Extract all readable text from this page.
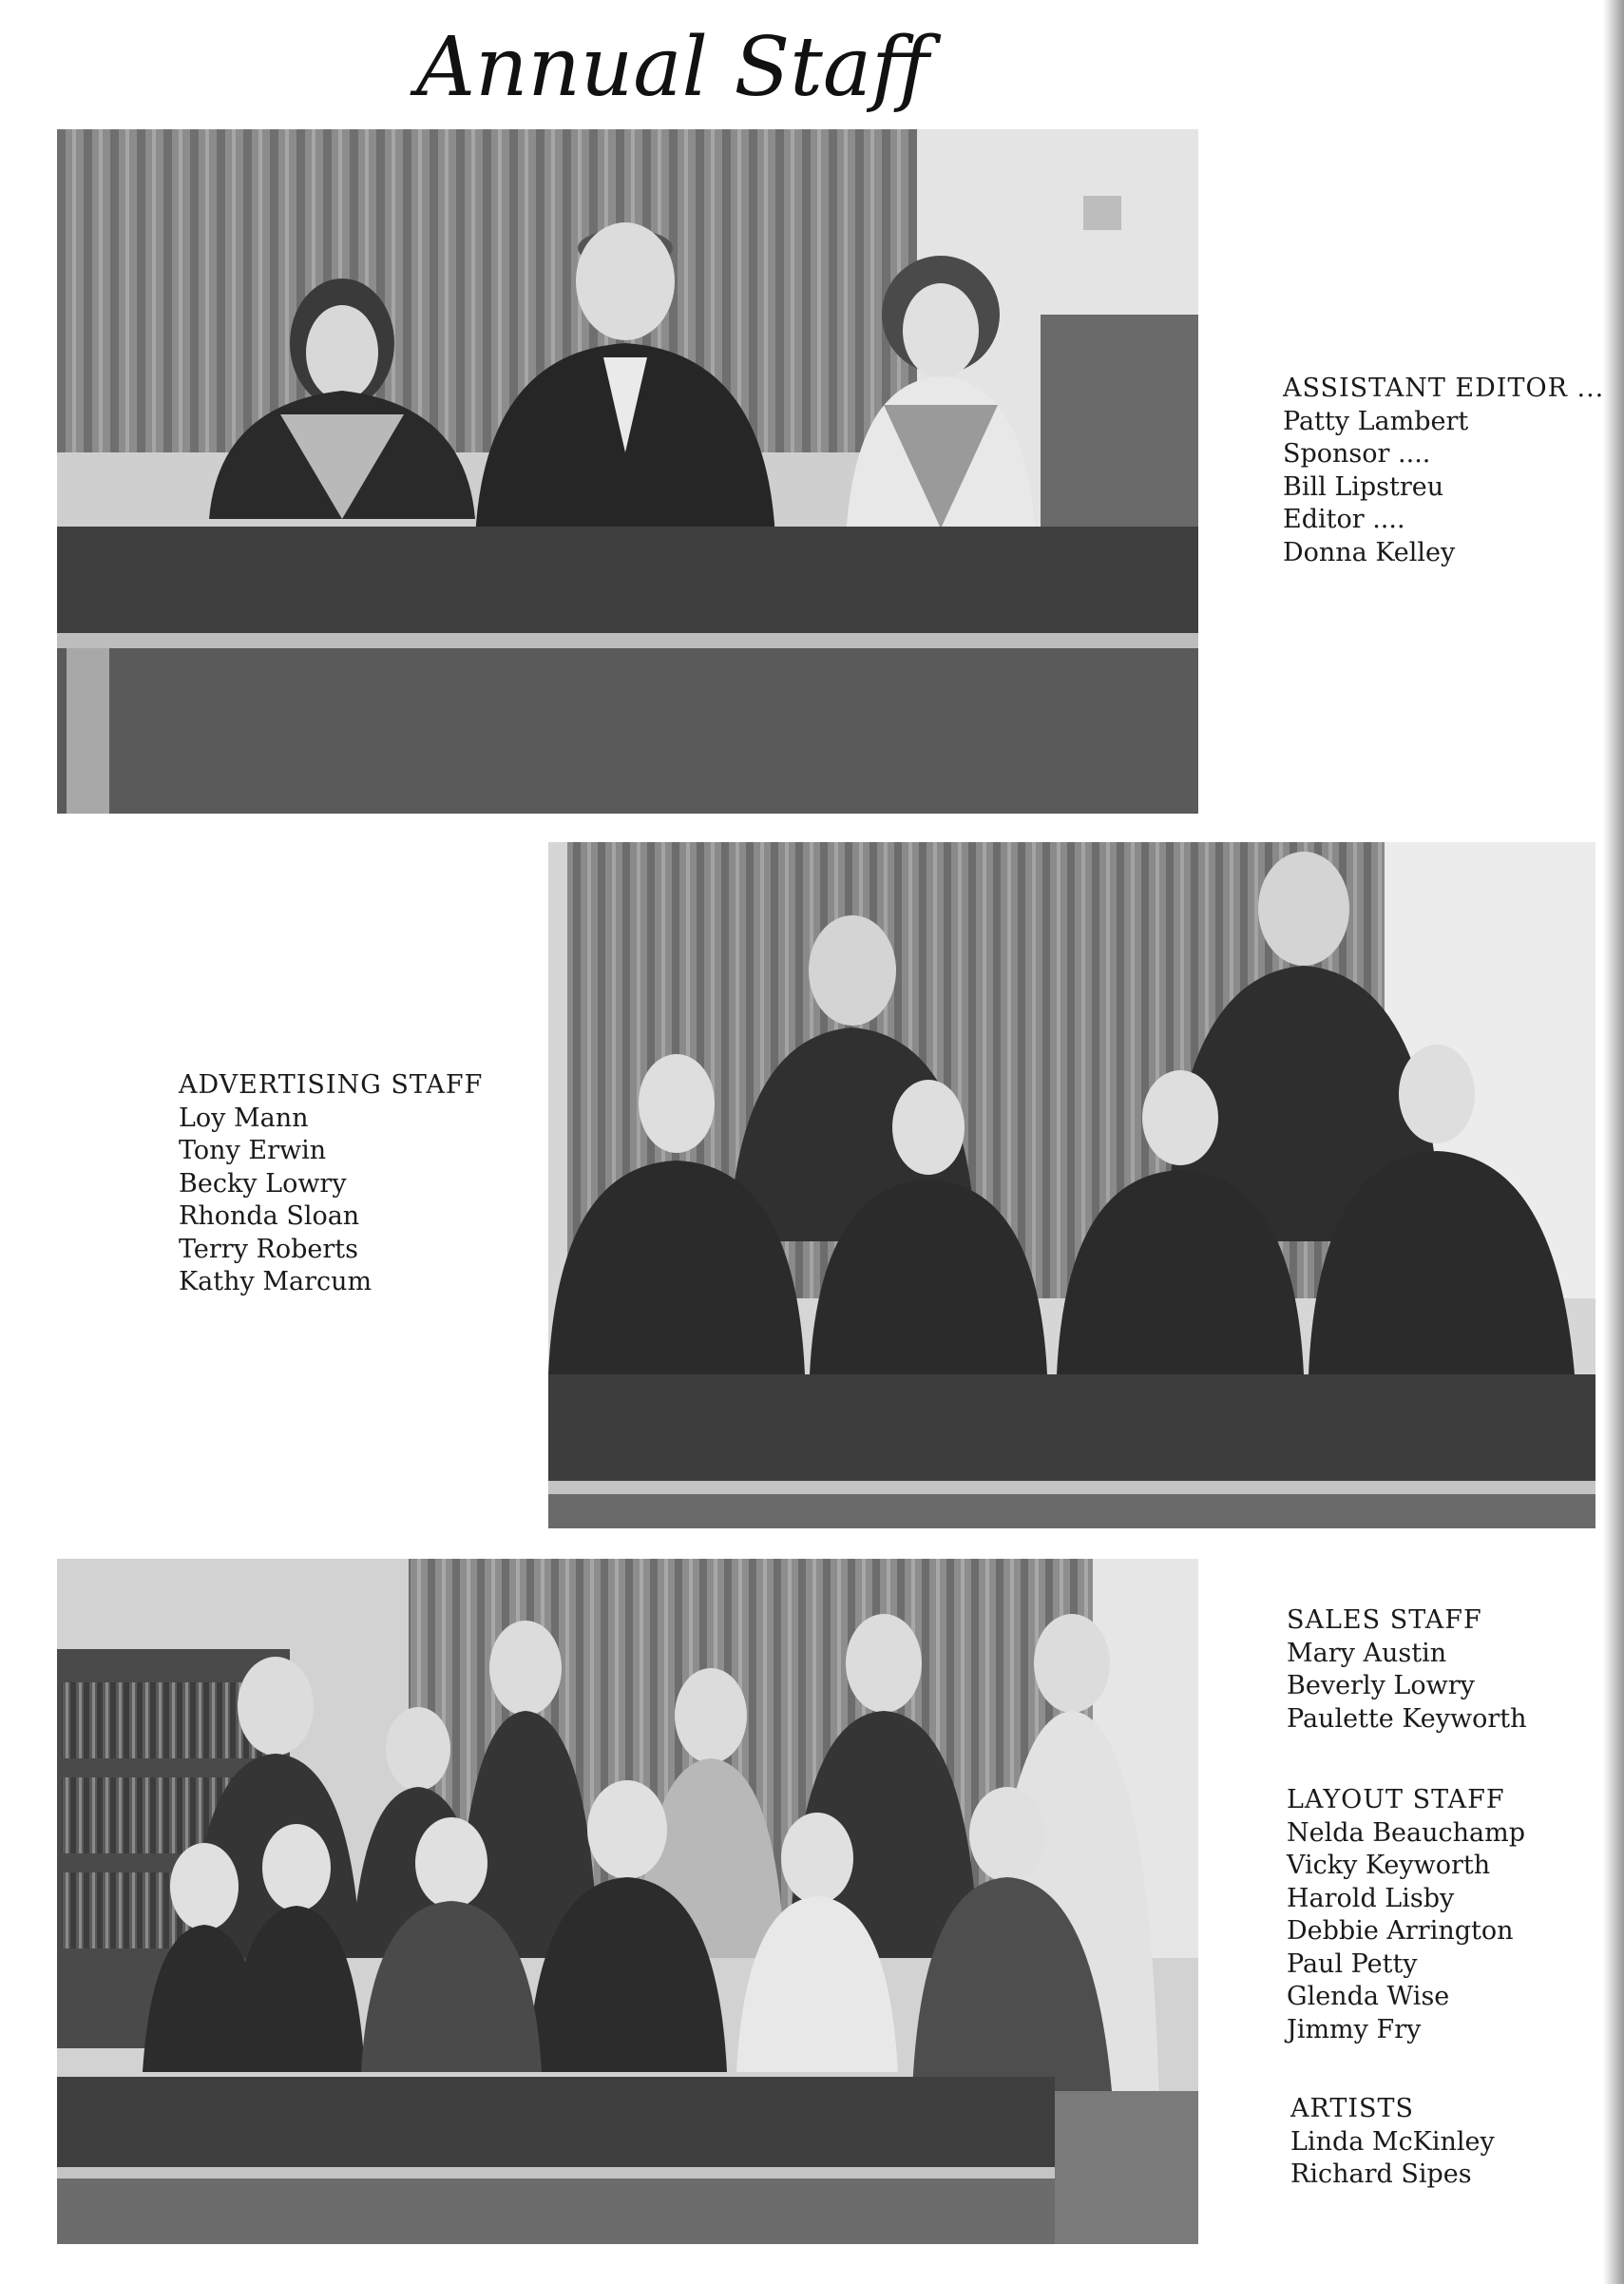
Annual Staff
ASSISTANT EDITOR ...
Patty Lambert
Sponsor ....
Bill Lipstreu
Editor ....
Donna Kelley
ADVERTISING STAFF
Loy Mann
Tony Erwin
Becky Lowry
Rhonda Sloan
Terry Roberts
Kathy Marcum
SALES STAFF
Mary Austin
Beverly Lowry
Paulette Keyworth
LAYOUT STAFF
Nelda Beauchamp
Vicky Keyworth
Harold Lisby
Debbie Arrington
Paul Petty
Glenda Wise
Jimmy Fry
ARTISTS
Linda McKinley
Richard Sipes
